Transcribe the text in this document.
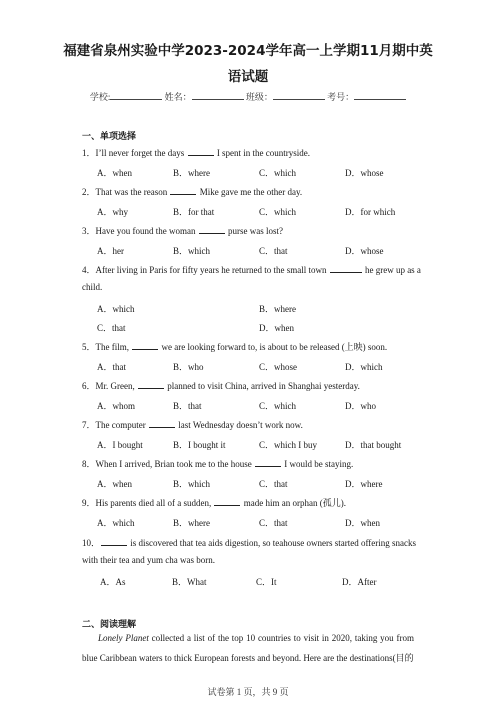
福建省泉州实验中学2023-2024学年高一上学期11月期中英
语试题
学校:	姓名：	班级：	考号：
一、单项选择
1．I’ll never forget the days	I spent in the countryside.
A．when	B．where	C．which	D．whose
2．That was the reason	Mike gave me the other day.
A．why	B．for that	C．which	D．for which
3．Have you found the woman	purse was lost?
A．her	B．which	C．that	D．whose
4．After living in Paris for fifty years he returned to the small town	he grew up as a child.
A．which	B．where
C．that	D．when
5．The film,	we are looking forward to, is about to be released (上映) soon.
A．that	B．who	C．whose	D．which
6．Mr. Green,	planned to visit China, arrived in Shanghai yesterday.
A．whom	B．that	C．which	D．who
7．The computer	last Wednesday doesn’t work now.
A．I bought	B．I bought it	C．which I buy	D．that bought
8．When I arrived, Brian took me to the house	I would be staying.
A．when	B．which	C．that	D．where
9．His parents died all of a sudden,	made him an orphan (孤儿).
A．which	B．where	C．that	D．when
10．	is discovered that tea aids digestion, so teahouse owners started offering snacks with their tea and yum cha was born.
A．As	B．What	C．It	D．After
二、阅读理解
Lonely Planet collected a list of the top 10 countries to visit in 2020, taking you from blue Caribbean waters to thick European forests and beyond. Here are the destinations(目的
试卷第 1 页，共 9 页
